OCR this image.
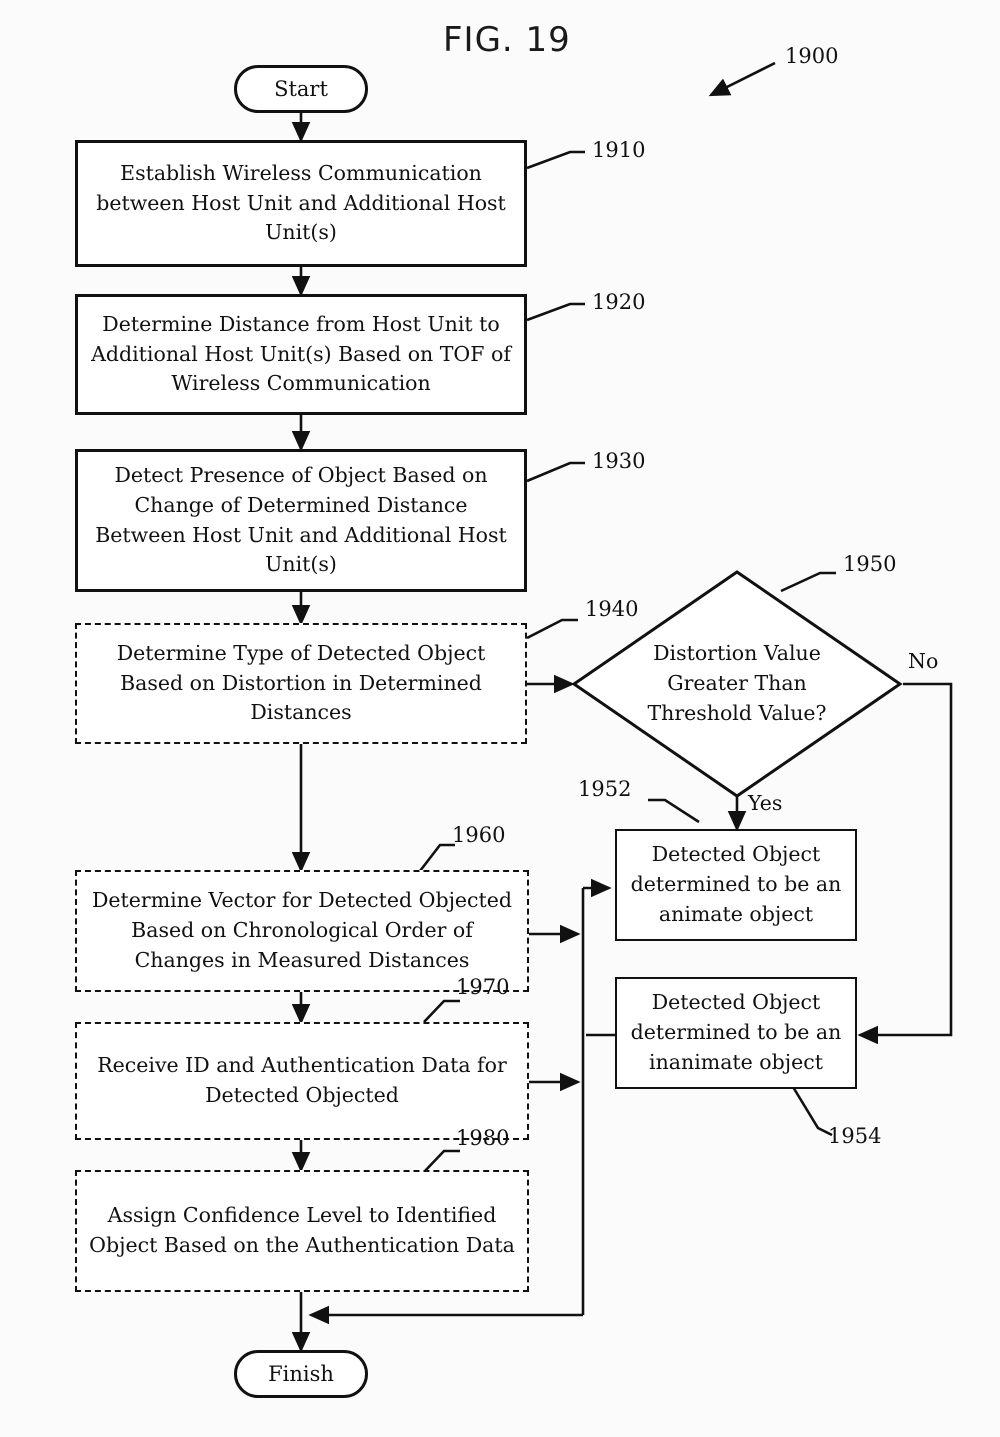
FIG. 19	1900
Start
Establish Wireless Communication between Host Unit and Additional Host Unit(s)
1910
Determine Distance from Host Unit to Additional Host Unit(s) Based on TOF of Wireless Communication
1920
Detect Presence of Object Based on Change of Determined Distance Between Host Unit and Additional Host Unit(s)
1930
Determine Type of Detected Object Based on Distortion in Determined Distances
1940
Distortion Value Greater Than Threshold Value?
1950
No
Yes
Detected Object determined to be an animate object
1952
Detected Object determined to be an inanimate object
1954
Determine Vector for Detected Objected Based on Chronological Order of Changes in Measured Distances
1960
Receive ID and Authentication Data for Detected Objected
1970
Assign Confidence Level to Identified Object Based on the Authentication Data
1980
Finish
